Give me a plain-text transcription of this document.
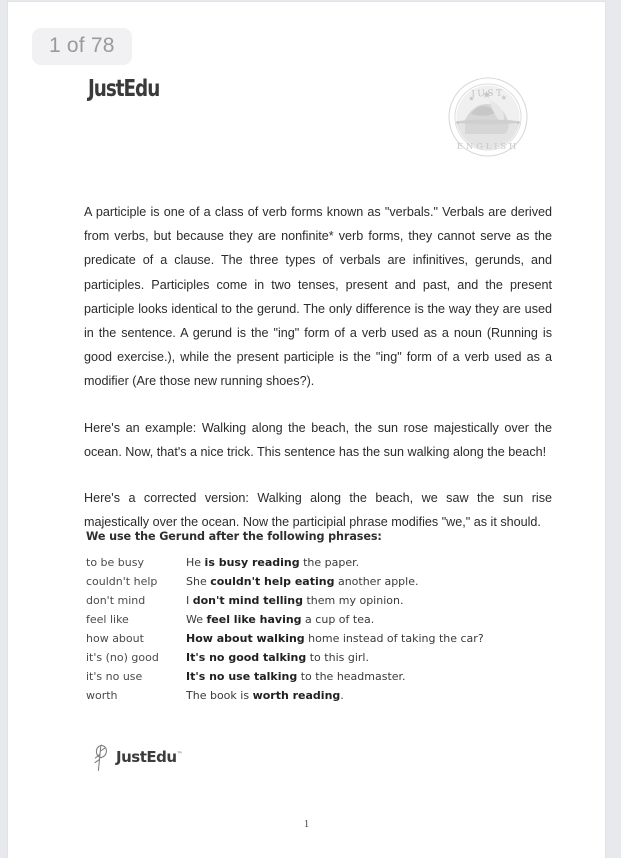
JustEdu	JUST
ENGLISH

A participle is one of a class of verb forms known as "verbals." Verbals are derived from verbs, but because they are nonfinite* verb forms, they cannot serve as the predicate of a clause. The three types of verbals are infinitives, gerunds, and participles. Participles come in two tenses, present and past, and the present participle looks identical to the gerund. The only difference is the way they are used in the sentence. A gerund is the "ing" form of a verb used as a noun (Running is good exercise.), while the present participle is the "ing" form of a verb used as a modifier (Are those new running shoes?).

Here's an example: Walking along the beach, the sun rose majestically over the ocean. Now, that's a nice trick. This sentence has the sun walking along the beach!

Here's a corrected version: Walking along the beach, we saw the sun rise majestically over the ocean. Now the participial phrase modifies "we," as it should.

We use the Gerund after the following phrases:
to be busy	He is busy reading the paper.
couldn't help	She couldn't help eating another apple.
don't mind	I don't mind telling them my opinion.
feel like	We feel like having a cup of tea.
how about	How about walking home instead of taking the car?
it's (no) good	It's no good talking to this girl.
it's no use	It's no use talking to the headmaster.
worth	The book is worth reading.
JustEdu™
1
1 of 78
